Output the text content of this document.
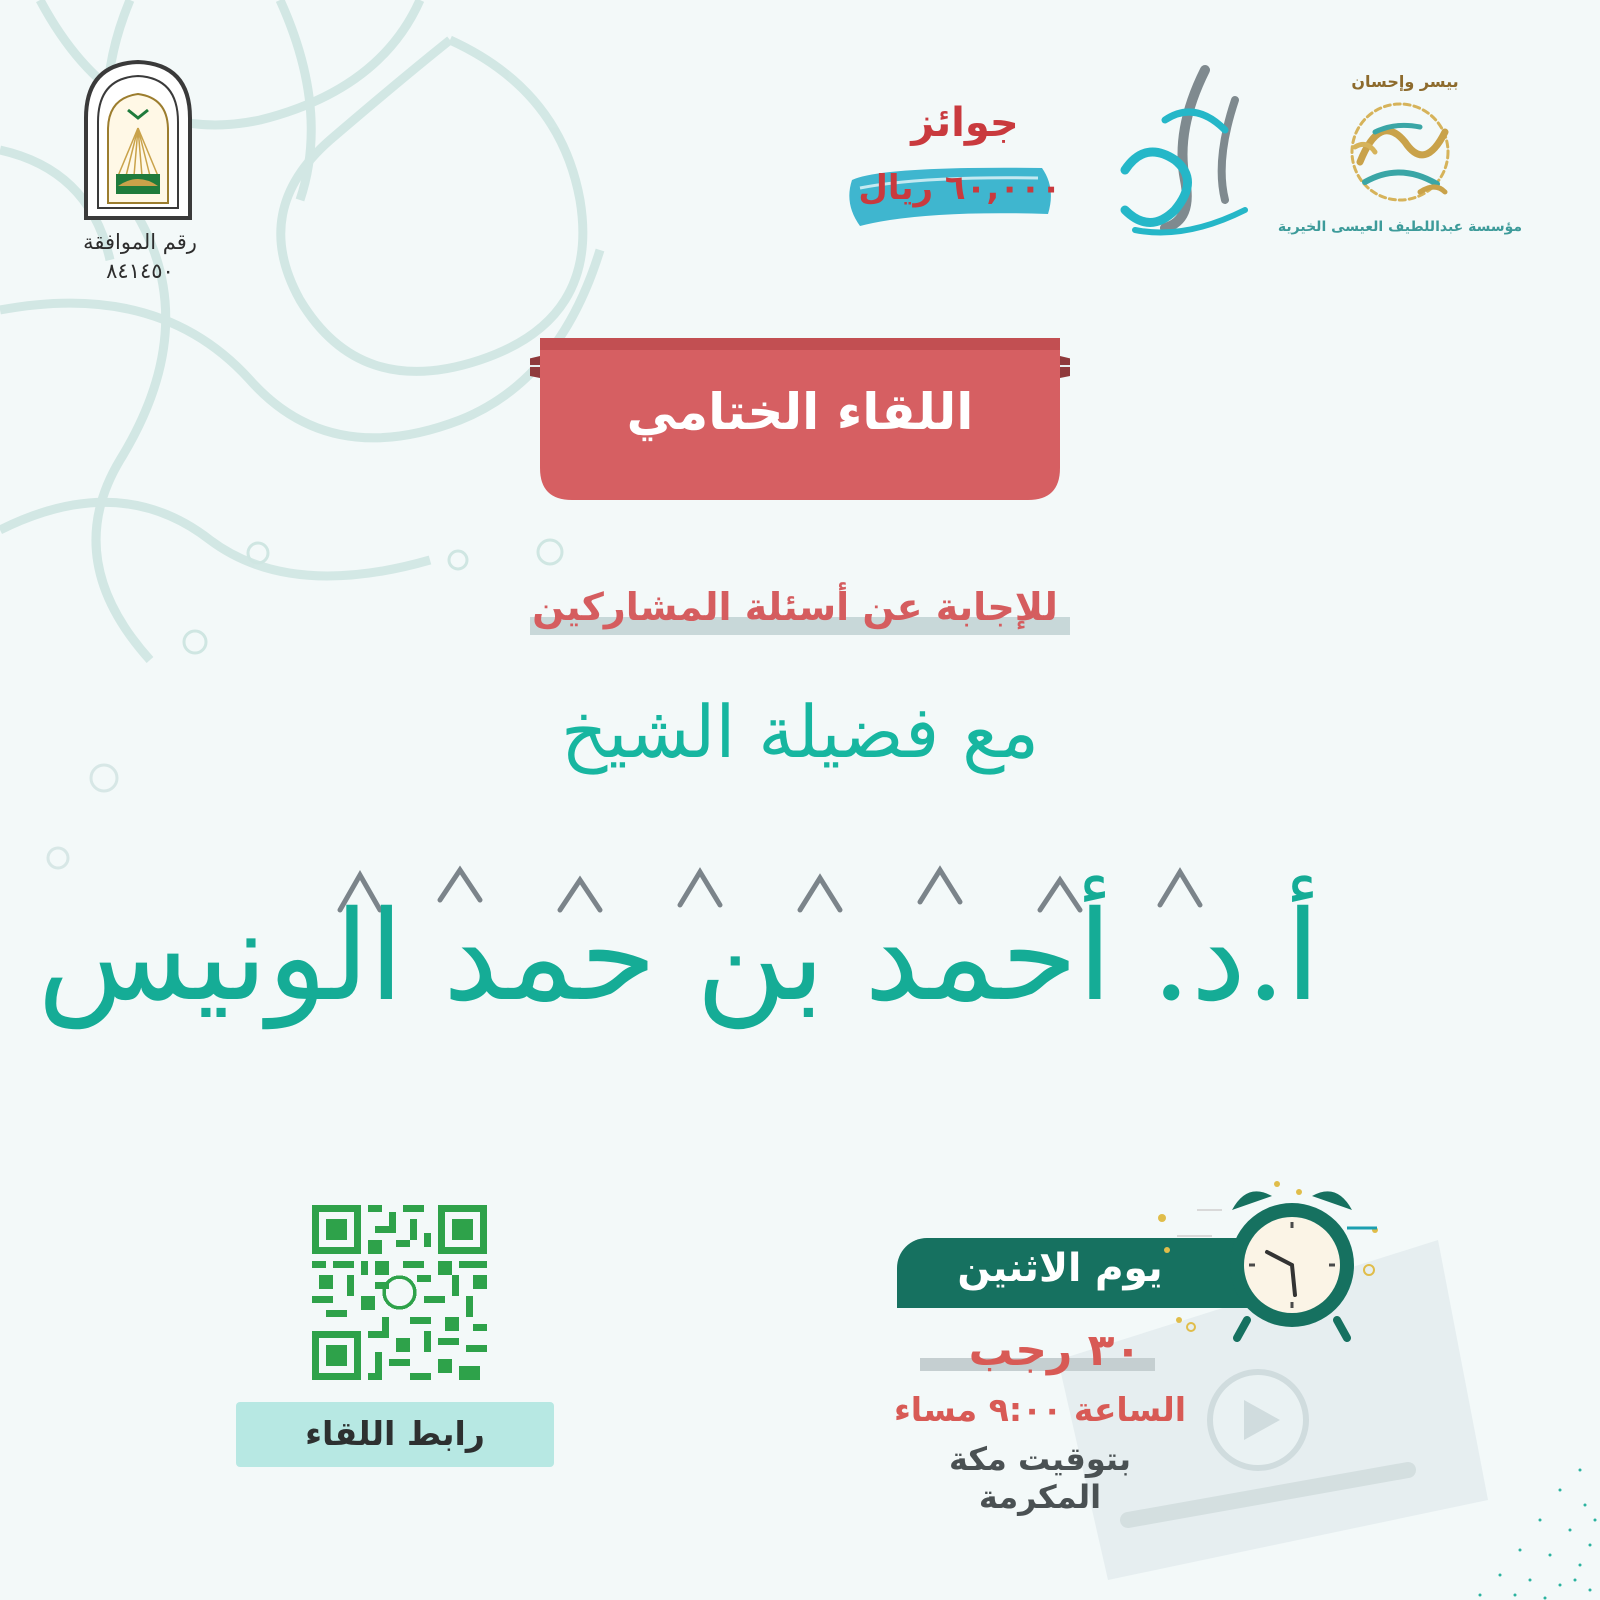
رقم الموافقة
٨٤١٤٥٠
جوائز
٦٠,٠٠٠ ريال
بيسر وإحسان
مؤسسة عبداللطيف العيسى الخيرية
اللقاء الختامي
للإجابة عن أسئلة المشاركين
مع فضيلة الشيخ
أ.د. أحمد بن حمد الونيس
رابط اللقاء
يوم الاثنين
٣٠ رجب
الساعة ٩:٠٠ مساء
بتوقيت مكة المكرمة
